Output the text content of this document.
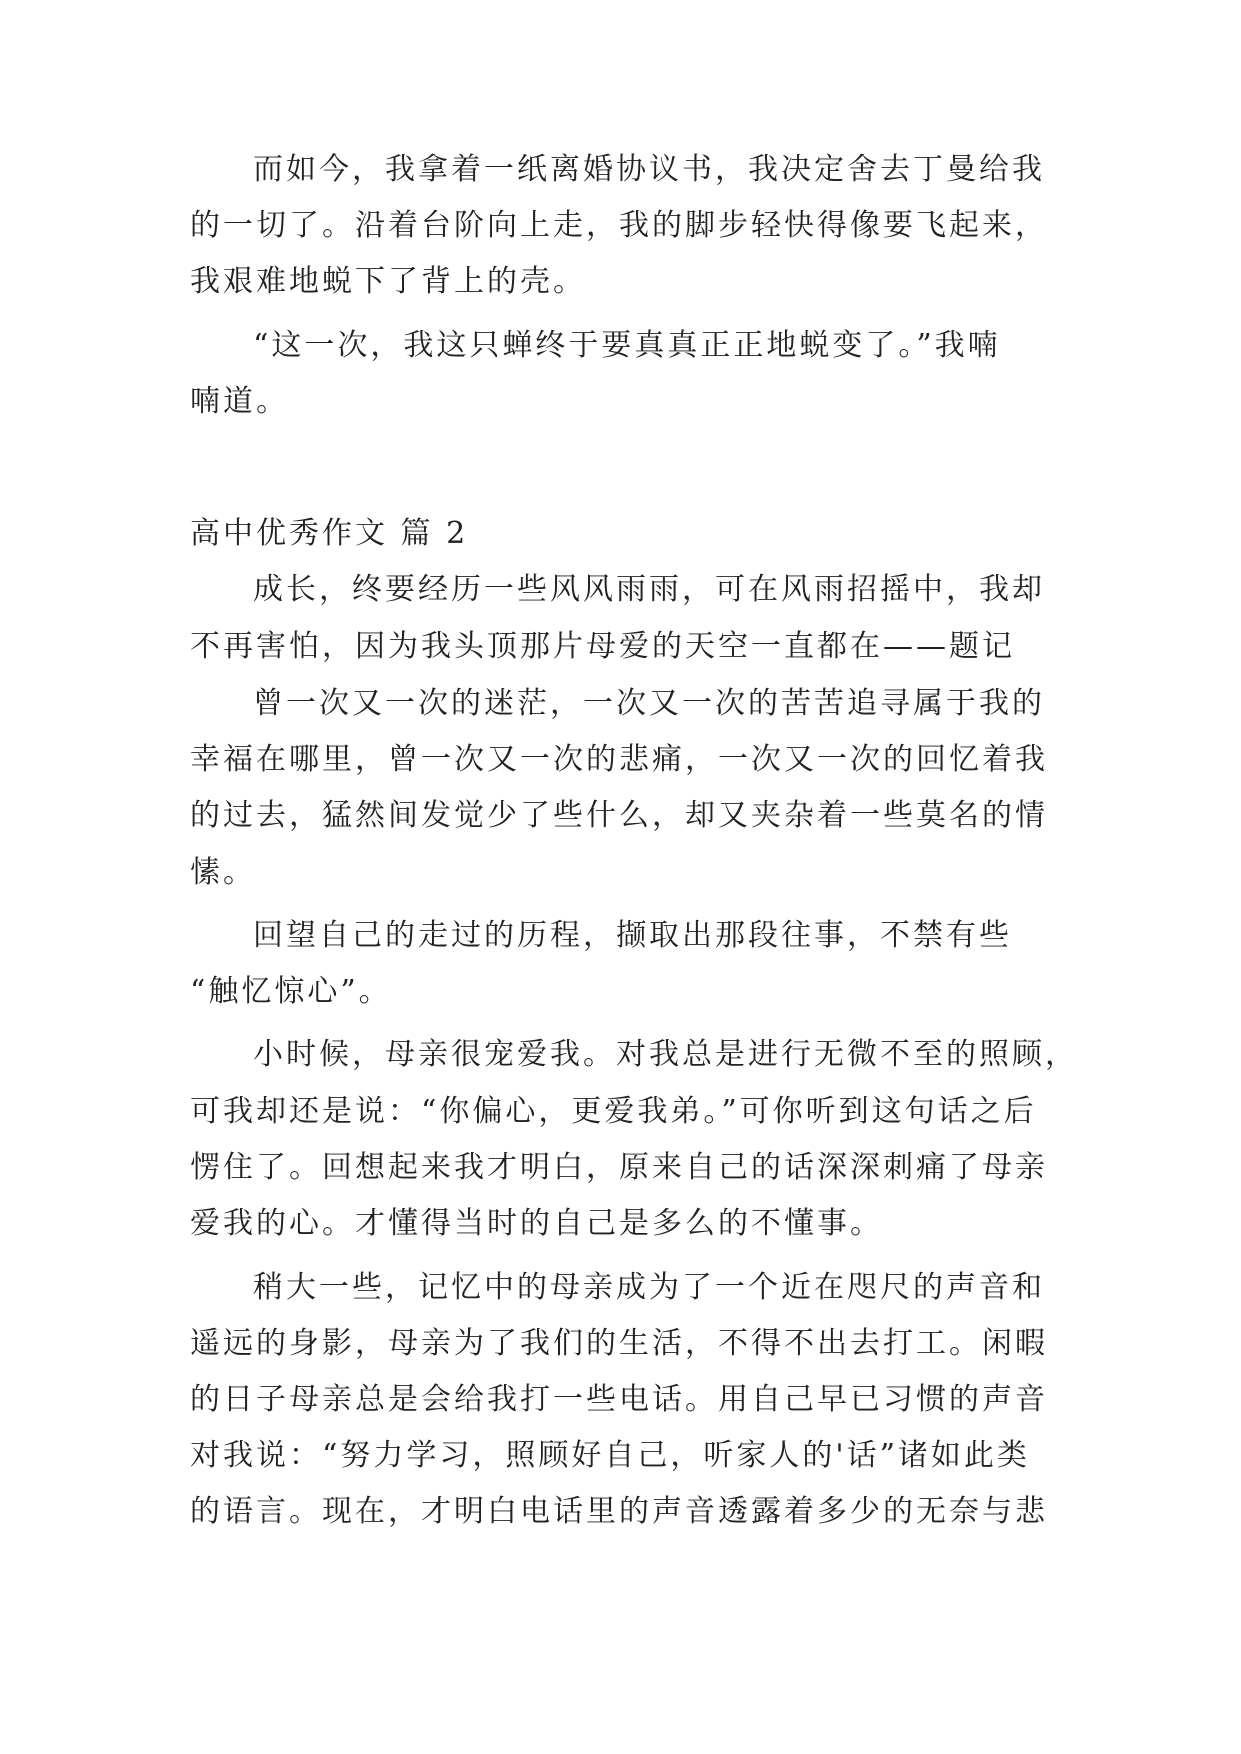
而如今，我拿着一纸离婚协议书，我决定舍去丁曼给我
的一切了。沿着台阶向上走，我的脚步轻快得像要飞起来，
我艰难地蜕下了背上的壳。
“这一次，我这只蝉终于要真真正正地蜕变了。”我喃
喃道。
高中优秀作文 篇 2
成长，终要经历一些风风雨雨，可在风雨招摇中，我却
不再害怕，因为我头顶那片母爱的天空一直都在——题记
曾一次又一次的迷茫，一次又一次的苦苦追寻属于我的
幸福在哪里，曾一次又一次的悲痛，一次又一次的回忆着我
的过去，猛然间发觉少了些什么，却又夹杂着一些莫名的情
愫。
回望自己的走过的历程，撷取出那段往事，不禁有些
“触忆惊心”。
小时候，母亲很宠爱我。对我总是进行无微不至的照顾，
可我却还是说：“你偏心，更爱我弟。”可你听到这句话之后
愣住了。回想起来我才明白，原来自己的话深深刺痛了母亲
爱我的心。才懂得当时的自己是多么的不懂事。
稍大一些，记忆中的母亲成为了一个近在咫尺的声音和
遥远的身影，母亲为了我们的生活，不得不出去打工。闲暇
的日子母亲总是会给我打一些电话。用自己早已习惯的声音
对我说：“努力学习，照顾好自己，听家人的'话”诸如此类
的语言。现在，才明白电话里的声音透露着多少的无奈与悲
